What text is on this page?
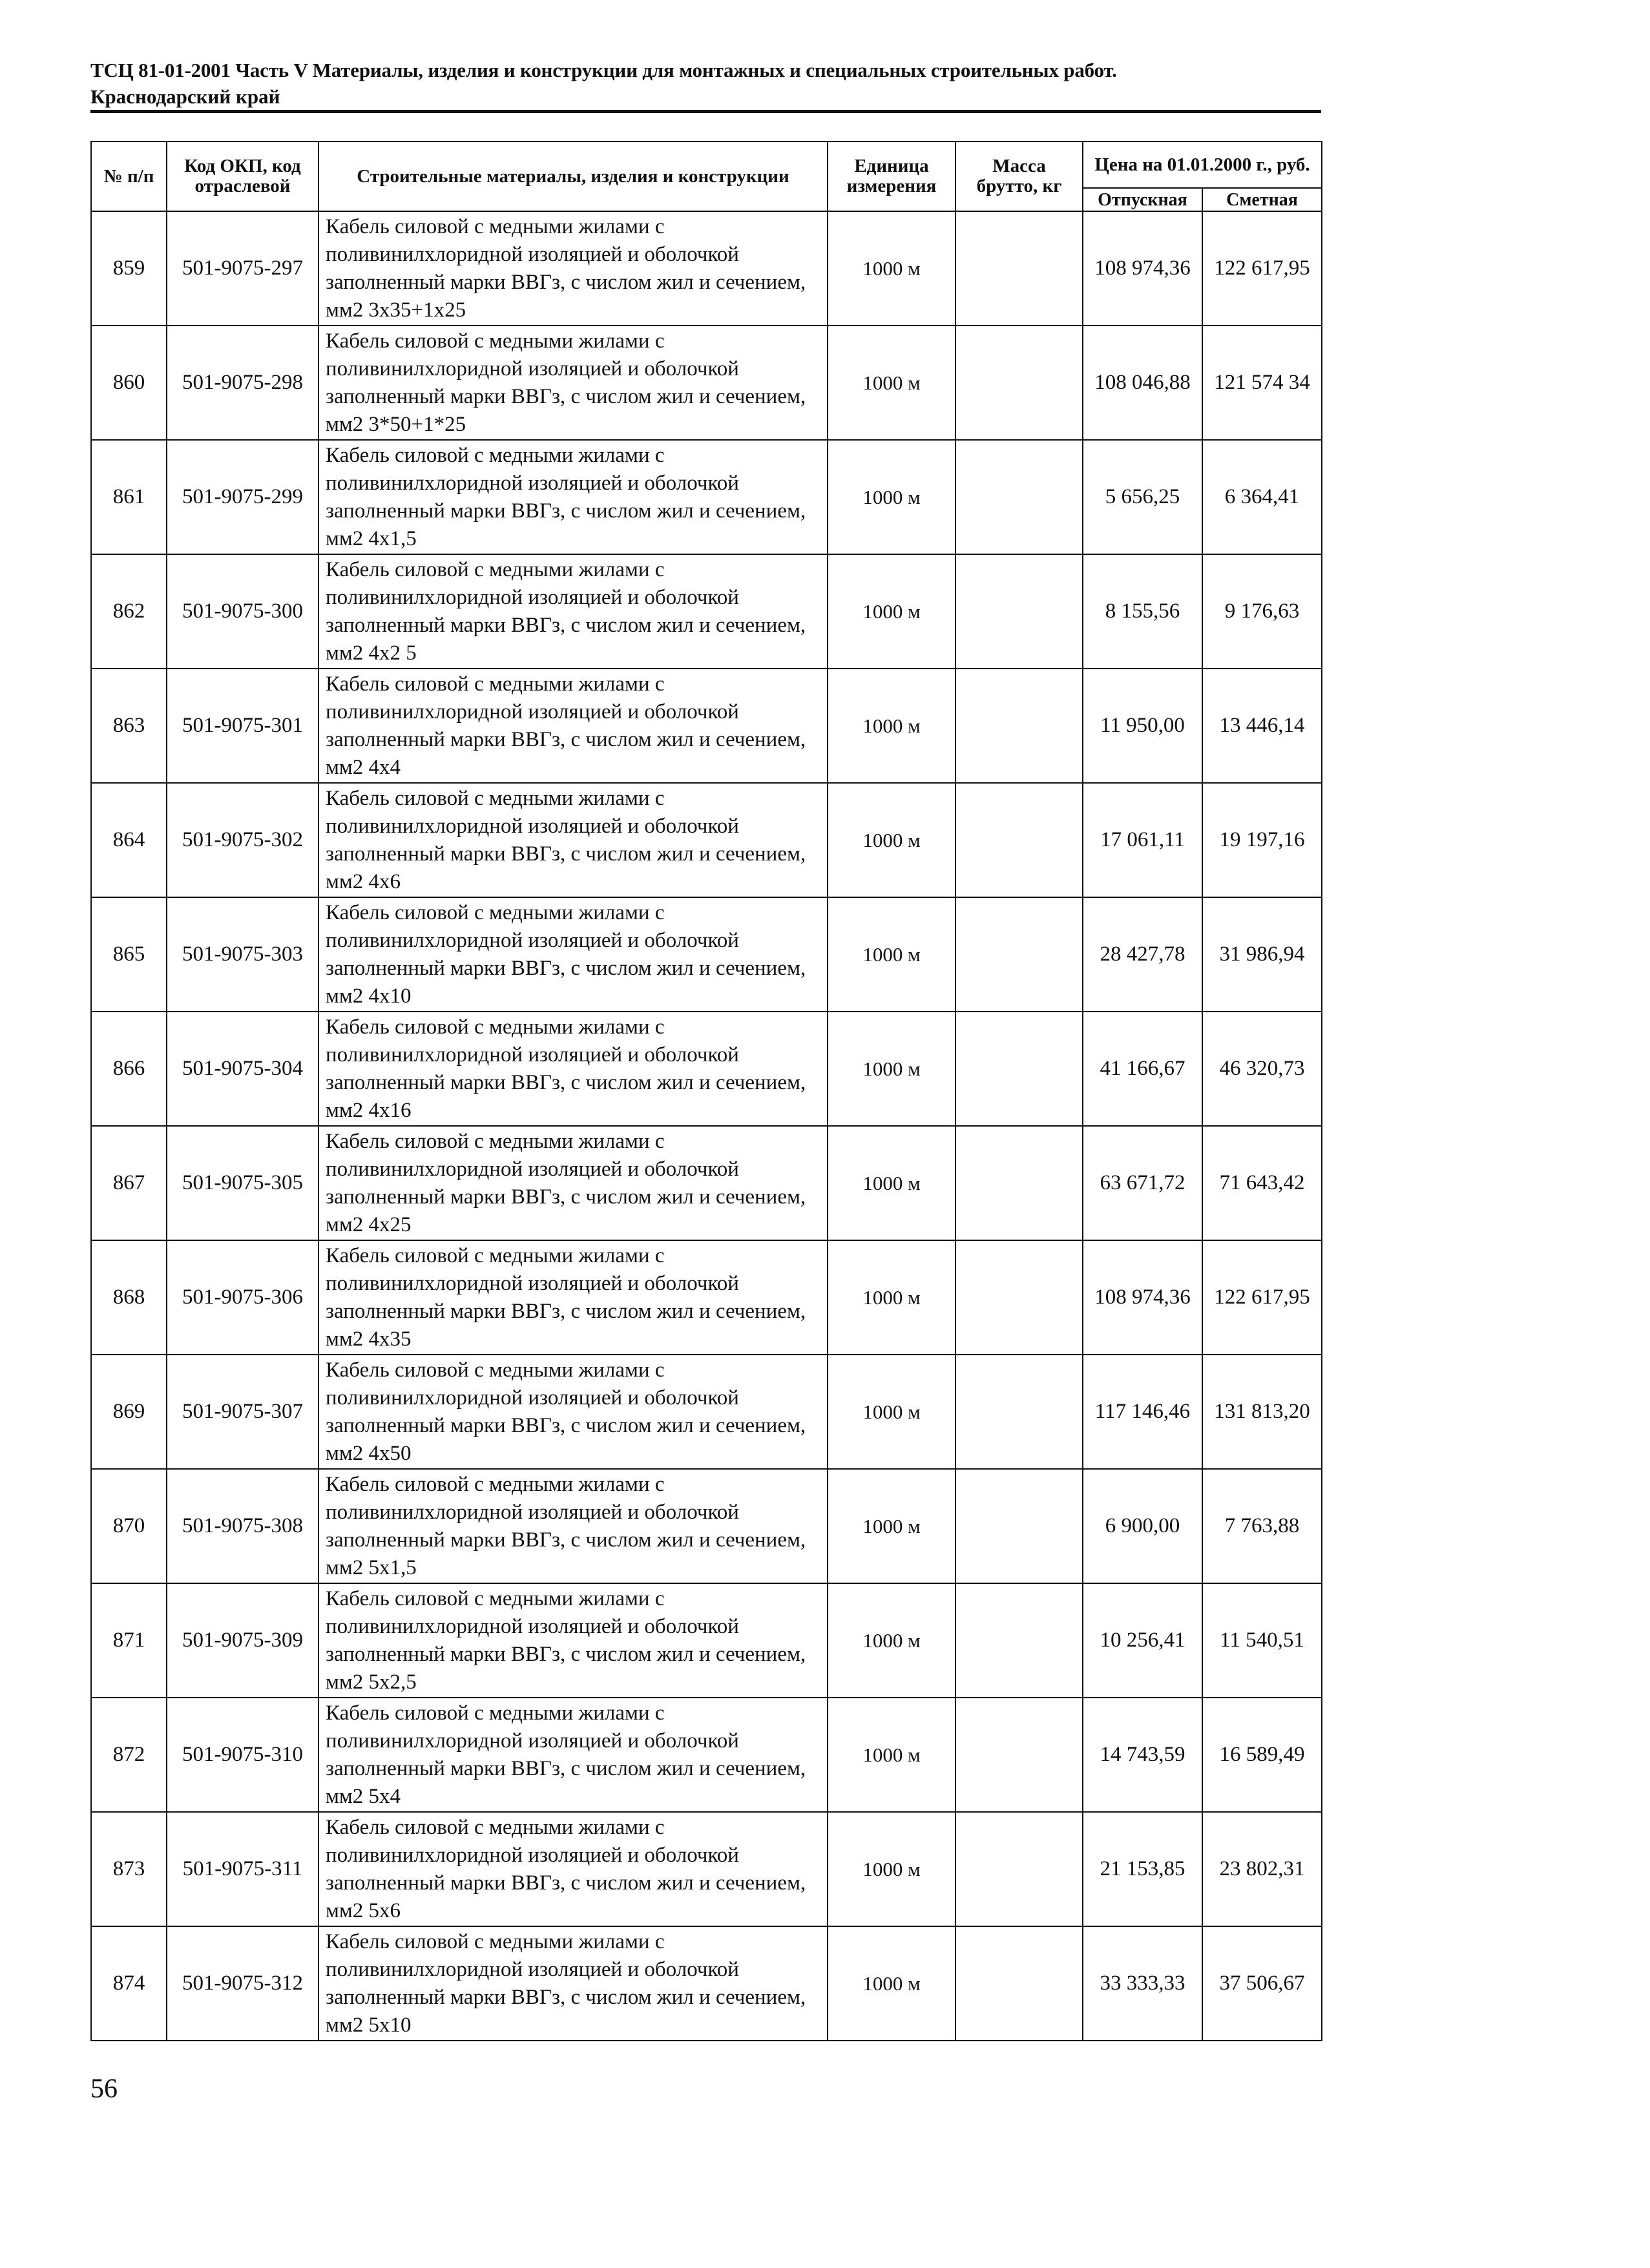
ТСЦ 81-01-2001 Часть V Материалы, изделия и конструкции для монтажных и специальных строительных работ.
Краснодарский край
№ п/п	Код ОКП, код отраслевой	Строительные материалы, изделия и конструкции	Единица измерения	Масса брутто, кг	Цена на 01.01.2000 г., руб.	
					Отпускная	Сметная
859	501-9075-297	Кабель силовой с медными жилами с поливинилхлоридной изоляцией и оболочкой заполненный марки ВВГз, с числом жил и сечением, мм2 3х35+1х25	1000 м		108 974,36	122 617,95
860	501-9075-298	Кабель силовой с медными жилами с поливинилхлоридной изоляцией и оболочкой заполненный марки ВВГз, с числом жил и сечением, мм2 3*50+1*25	1000 м		108 046,88	121 574 34
861	501-9075-299	Кабель силовой с медными жилами с поливинилхлоридной изоляцией и оболочкой заполненный марки ВВГз, с числом жил и сечением, мм2 4х1,5	1000 м		5 656,25	6 364,41
862	501-9075-300	Кабель силовой с медными жилами с поливинилхлоридной изоляцией и оболочкой заполненный марки ВВГз, с числом жил и сечением, мм2 4х2 5	1000 м		8 155,56	9 176,63
863	501-9075-301	Кабель силовой с медными жилами с поливинилхлоридной изоляцией и оболочкой заполненный марки ВВГз, с числом жил и сечением, мм2 4х4	1000 м		11 950,00	13 446,14
864	501-9075-302	Кабель силовой с медными жилами с поливинилхлоридной изоляцией и оболочкой заполненный марки ВВГз, с числом жил и сечением, мм2 4х6	1000 м		17 061,11	19 197,16
865	501-9075-303	Кабель силовой с медными жилами с поливинилхлоридной изоляцией и оболочкой заполненный марки ВВГз, с числом жил и сечением, мм2 4х10	1000 м		28 427,78	31 986,94
866	501-9075-304	Кабель силовой с медными жилами с поливинилхлоридной изоляцией и оболочкой заполненный марки ВВГз, с числом жил и сечением, мм2 4х16	1000 м		41 166,67	46 320,73
867	501-9075-305	Кабель силовой с медными жилами с поливинилхлоридной изоляцией и оболочкой заполненный марки ВВГз, с числом жил и сечением, мм2 4х25	1000 м		63 671,72	71 643,42
868	501-9075-306	Кабель силовой с медными жилами с поливинилхлоридной изоляцией и оболочкой заполненный марки ВВГз, с числом жил и сечением, мм2 4х35	1000 м		108 974,36	122 617,95
869	501-9075-307	Кабель силовой с медными жилами с поливинилхлоридной изоляцией и оболочкой заполненный марки ВВГз, с числом жил и сечением, мм2 4х50	1000 м		117 146,46	131 813,20
870	501-9075-308	Кабель силовой с медными жилами с поливинилхлоридной изоляцией и оболочкой заполненный марки ВВГз, с числом жил и сечением, мм2 5х1,5	1000 м		6 900,00	7 763,88
871	501-9075-309	Кабель силовой с медными жилами с поливинилхлоридной изоляцией и оболочкой заполненный марки ВВГз, с числом жил и сечением, мм2 5х2,5	1000 м		10 256,41	11 540,51
872	501-9075-310	Кабель силовой с медными жилами с поливинилхлоридной изоляцией и оболочкой заполненный марки ВВГз, с числом жил и сечением, мм2 5х4	1000 м		14 743,59	16 589,49
873	501-9075-311	Кабель силовой с медными жилами с поливинилхлоридной изоляцией и оболочкой заполненный марки ВВГз, с числом жил и сечением, мм2 5х6	1000 м		21 153,85	23 802,31
874	501-9075-312	Кабель силовой с медными жилами с поливинилхлоридной изоляцией и оболочкой заполненный марки ВВГз, с числом жил и сечением, мм2 5х10	1000 м		33 333,33	37 506,67
56
